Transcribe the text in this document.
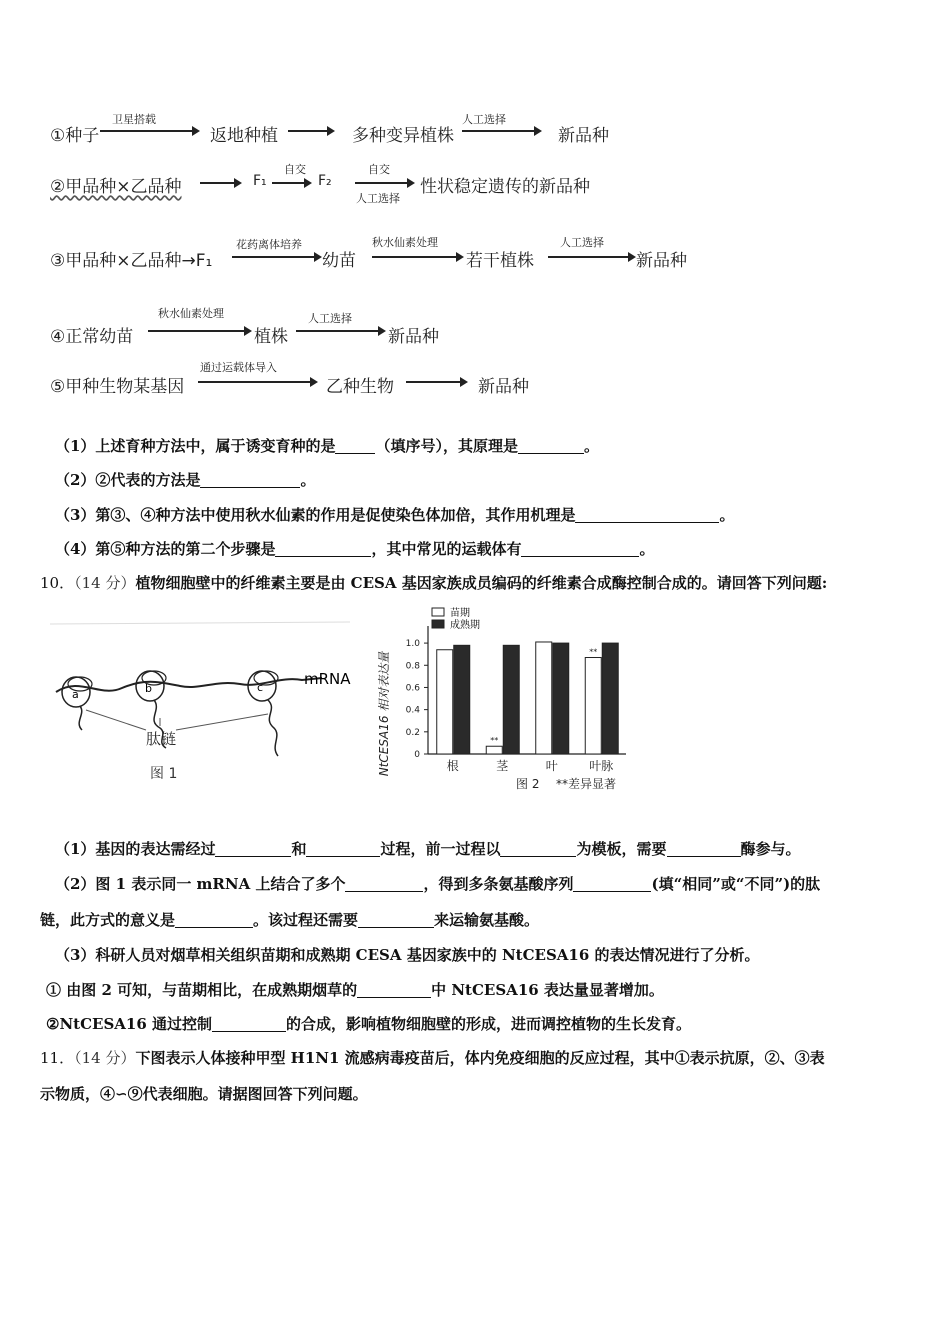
①种子
卫星搭载
返地种植	多种变异植株
人工选择
新品种
②甲品种×乙品种	F₁
自交
F₂
自交
人工选择
性状稳定遗传的新品种
③甲品种×乙品种→F₁
花药离体培养
幼苗
秋水仙素处理
若干植株
人工选择
新品种
④正常幼苗
秋水仙素处理
植株
人工选择
新品种
⑤甲种生物某基因
通过运载体导入
乙种生物	新品种
（1）上述育种方法中，属于诱变育种的是	（填序号），其原理是	。
（2）②代表的方法是	。
（3）第③、④种方法中使用秋水仙素的作用是促使染色体加倍，其作用机理是	。
（4）第⑤种方法的第二个步骤是	，其中常见的运载体有	。
10．（14 分）植物细胞壁中的纤维素主要是由 CESA 基因家族成员编码的纤维素合成酶控制合成的。请回答下列问题:
a	b	c	mRNA
肽链
图 1
苗期
成熟期
NtCESA16 相对表达量	0
0.2
0.4
0.6
0.8
1.0
**
**
根	茎	叶	叶脉
图 2 **差异显著
（1）基因的表达需经过	和	过程，前一过程以	为模板，需要	酶参与。
（2）图 1 表示同一 mRNA 上结合了多个	，得到多条氨基酸序列	(填“相同”或“不同”)的肽
链，此方式的意义是	。该过程还需要	来运输氨基酸。
（3）科研人员对烟草相关组织苗期和成熟期 CESA 基因家族中的 NtCESA16 的表达情况进行了分析。
① 由图 2 可知，与苗期相比，在成熟期烟草的	中 NtCESA16 表达量显著增加。
②NtCESA16 通过控制	的合成，影响植物细胞壁的形成，进而调控植物的生长发育。
11．（14 分）下图表示人体接种甲型 H1N1 流感病毒疫苗后，体内免疫细胞的反应过程，其中①表示抗原，②、③表
示物质，④∽⑨代表细胞。请据图回答下列问题。
